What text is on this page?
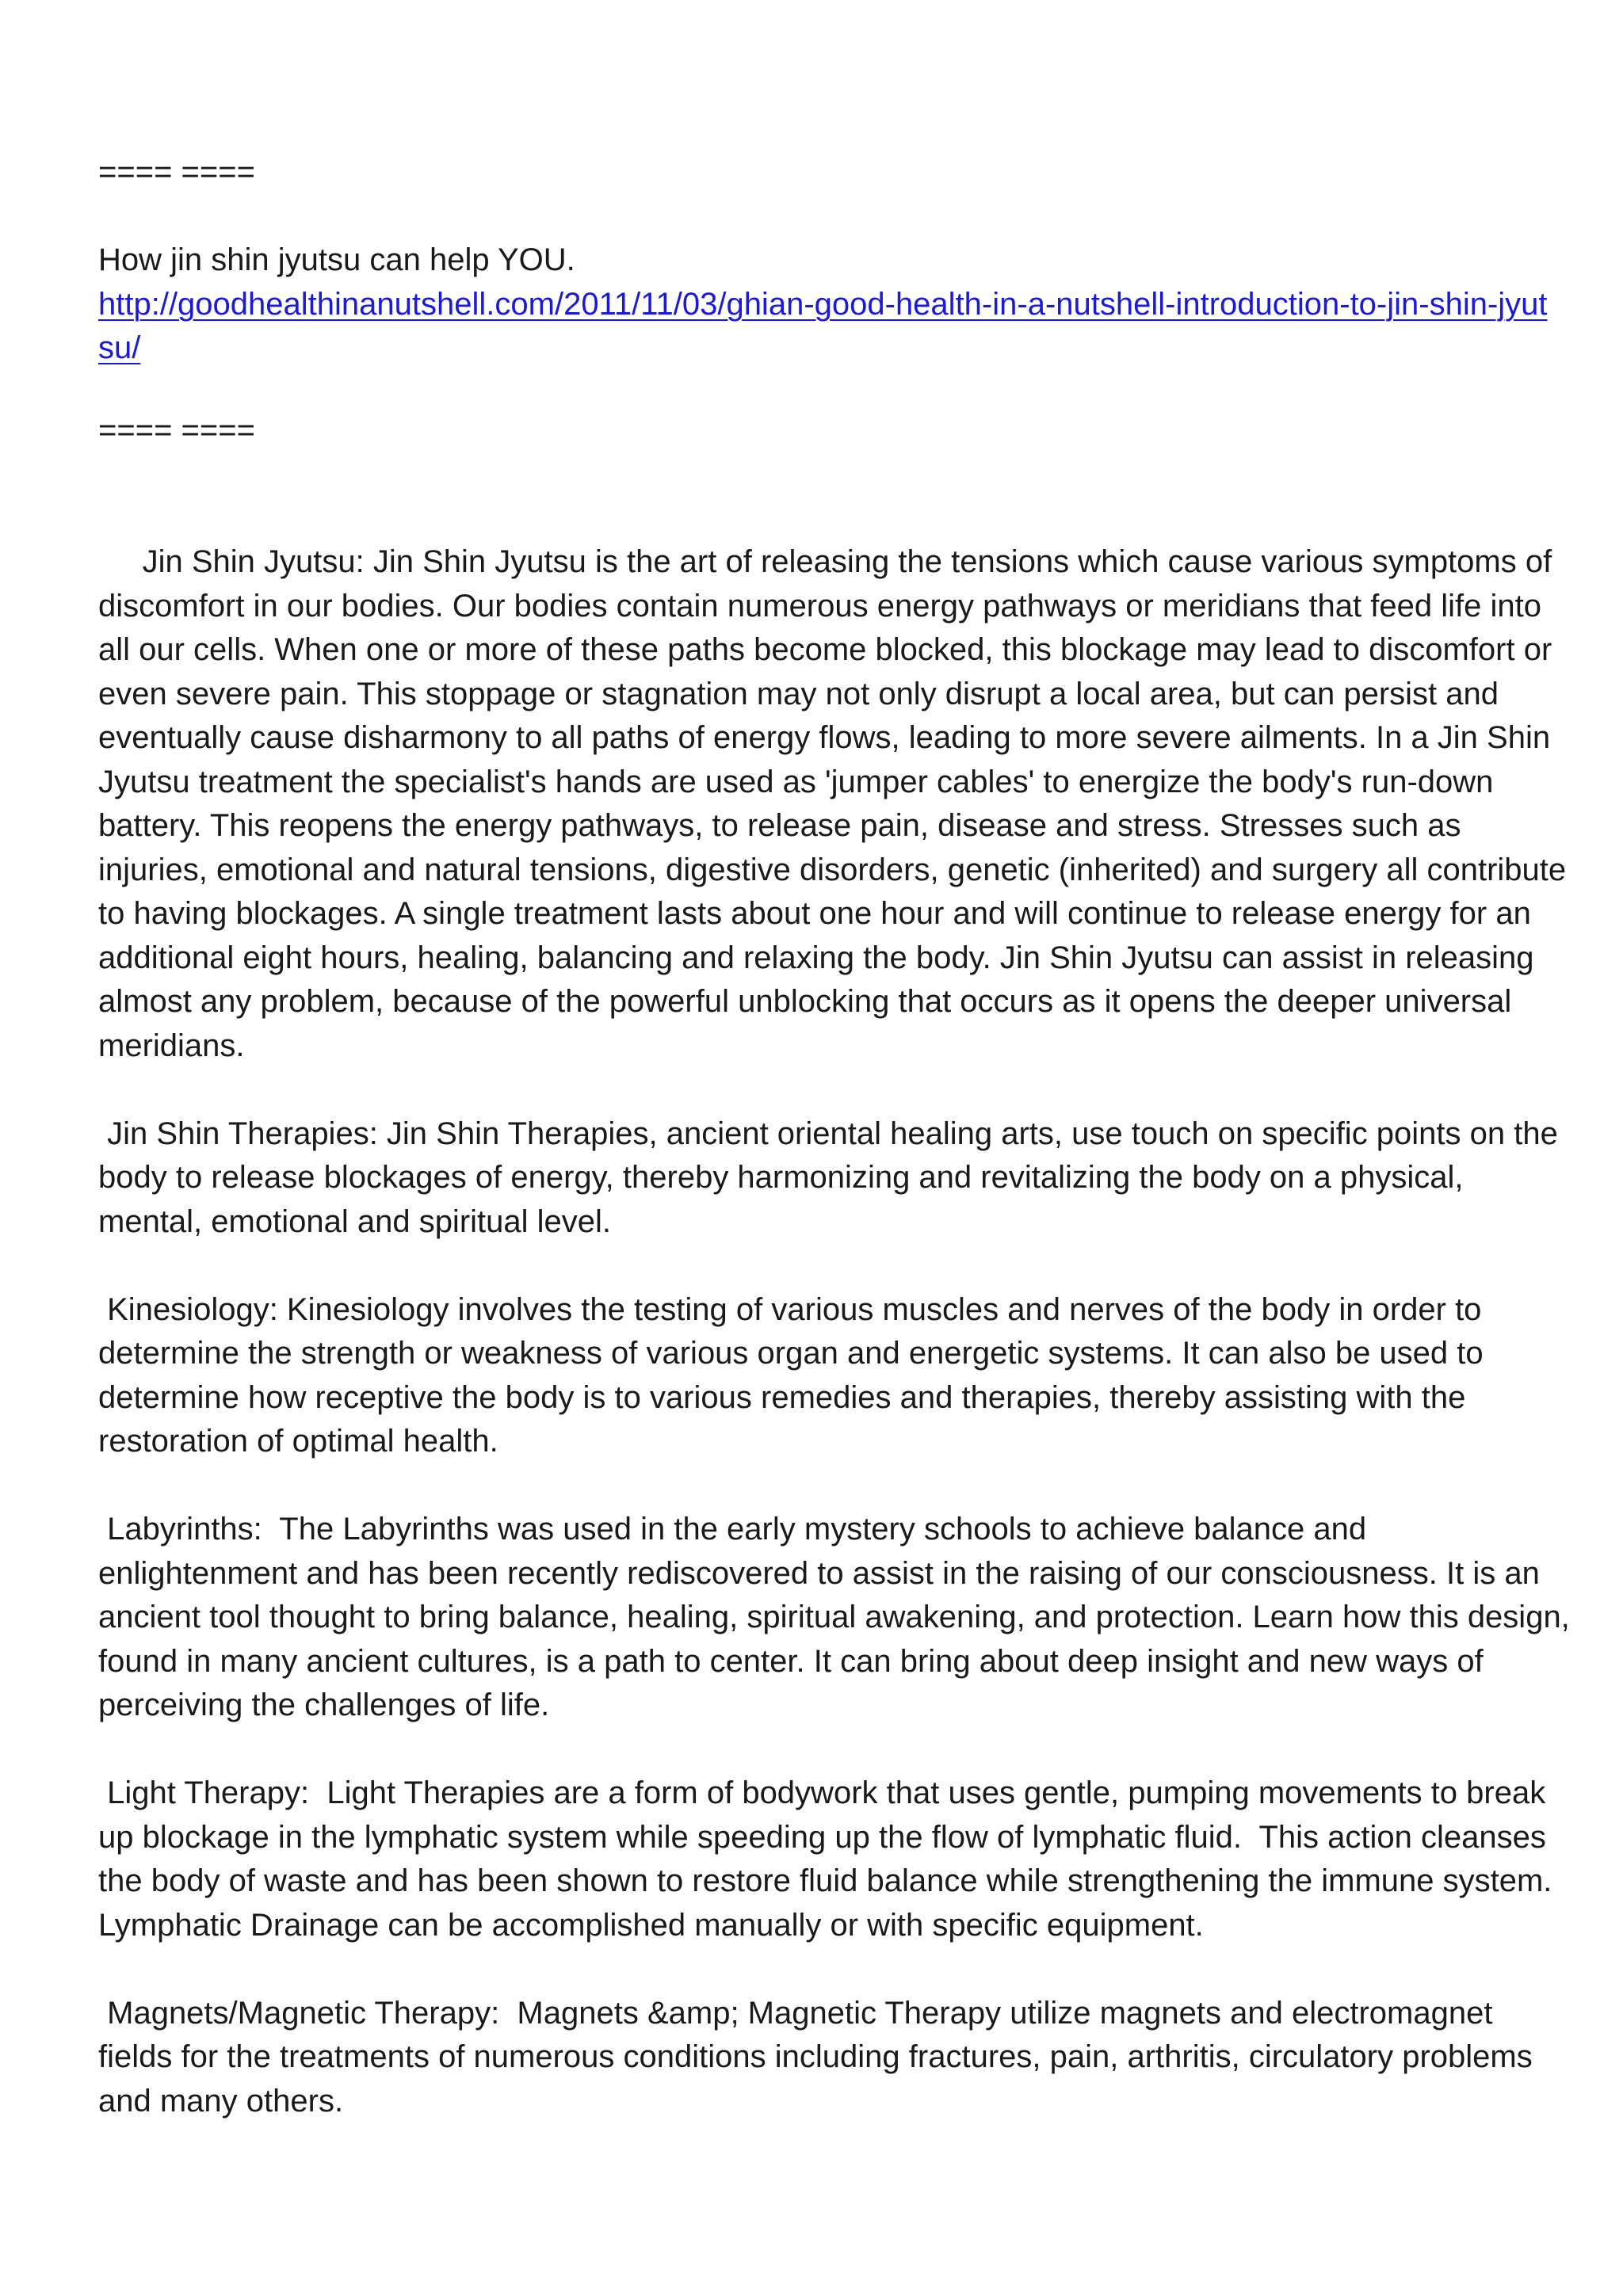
==== ====

How jin shin jyutsu can help YOU.

http://goodhealthinanutshell.com/2011/11/03/ghian-good-health-in-a-nutshell-introduction-to-jin-shin-jyutsu/

==== ====

Jin Shin Jyutsu: Jin Shin Jyutsu is the art of releasing the tensions which cause various symptoms of discomfort in our bodies. Our bodies contain numerous energy pathways or meridians that feed life into all our cells. When one or more of these paths become blocked, this blockage may lead to discomfort or even severe pain. This stoppage or stagnation may not only disrupt a local area, but can persist and eventually cause disharmony to all paths of energy flows, leading to more severe ailments. In a Jin Shin Jyutsu treatment the specialist's hands are used as 'jumper cables' to energize the body's run-down battery. This reopens the energy pathways, to release pain, disease and stress. Stresses such as injuries, emotional and natural tensions, digestive disorders, genetic (inherited) and surgery all contribute to having blockages. A single treatment lasts about one hour and will continue to release energy for an additional eight hours, healing, balancing and relaxing the body. Jin Shin Jyutsu can assist in releasing almost any problem, because of the powerful unblocking that occurs as it opens the deeper universal meridians.

Jin Shin Therapies: Jin Shin Therapies, ancient oriental healing arts, use touch on specific points on the body to release blockages of energy, thereby harmonizing and revitalizing the body on a physical, mental, emotional and spiritual level.

Kinesiology: Kinesiology involves the testing of various muscles and nerves of the body in order to determine the strength or weakness of various organ and energetic systems. It can also be used to determine how receptive the body is to various remedies and therapies, thereby assisting with the restoration of optimal health.

Labyrinths:  The Labyrinths was used in the early mystery schools to achieve balance and enlightenment and has been recently rediscovered to assist in the raising of our consciousness. It is an ancient tool thought to bring balance, healing, spiritual awakening, and protection. Learn how this design, found in many ancient cultures, is a path to center. It can bring about deep insight and new ways of perceiving the challenges of life.

Light Therapy:  Light Therapies are a form of bodywork that uses gentle, pumping movements to break up blockage in the lymphatic system while speeding up the flow of lymphatic fluid.  This action cleanses the body of waste and has been shown to restore fluid balance while strengthening the immune system. Lymphatic Drainage can be accomplished manually or with specific equipment.

Magnets/Magnetic Therapy:  Magnets &amp; Magnetic Therapy utilize magnets and electromagnet fields for the treatments of numerous conditions including fractures, pain, arthritis, circulatory problems and many others.
